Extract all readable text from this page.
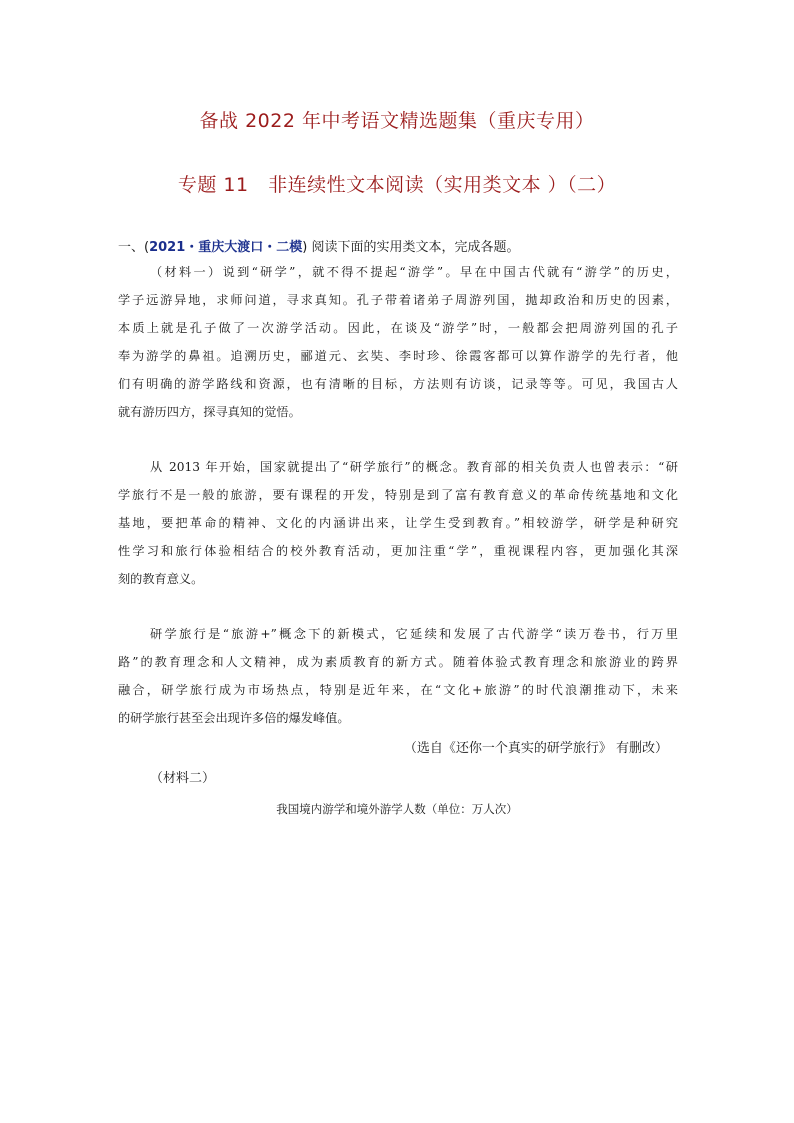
备战 2022 年中考语文精选题集（重庆专用）
专题 11　非连续性文本阅读（实用类文本 ）（二）
一、(2021・重庆大渡口・二模) 阅读下面的实用类文本，完成各题。
（材料一）说到“研学”，就不得不提起“游学”。早在中国古代就有“游学”的历史，
学子远游异地，求师问道，寻求真知。孔子带着诸弟子周游列国，拋却政治和历史的因素，
本质上就是孔子做了一次游学活动。因此，在谈及“游学”时，一般都会把周游列国的孔子
奉为游学的鼻祖。追溯历史，郦道元、玄奘、李时珍、徐霞客都可以算作游学的先行者，他
们有明确的游学路线和资源，也有清晰的目标，方法则有访谈，记录等等。可见，我国古人
就有游历四方，探寻真知的觉悟。
从 2013 年开始，国家就提出了“研学旅行”的概念。教育部的相关负责人也曾表示：“研
学旅行不是一般的旅游，要有课程的开发，特别是到了富有教育意义的革命传统基地和文化
基地，要把革命的精神、文化的内涵讲出来，让学生受到教育。”相较游学，研学是种研究
性学习和旅行体验相结合的校外教育活动，更加注重“学”，重视课程内容，更加强化其深
刻的教育意义。
研学旅行是“旅游+”概念下的新模式，它延续和发展了古代游学“读万卷书，行万里
路”的教育理念和人文精神，成为素质教育的新方式。随着体验式教育理念和旅游业的跨界
融合，研学旅行成为市场热点，特别是近年来，在“文化+旅游”的时代浪潮推动下，未来
的研学旅行甚至会出现许多倍的爆发峰值。
（选自《还你一个真实的研学旅行》 有删改）
（材料二）
我国境内游学和境外游学人数（单位：万人次）
